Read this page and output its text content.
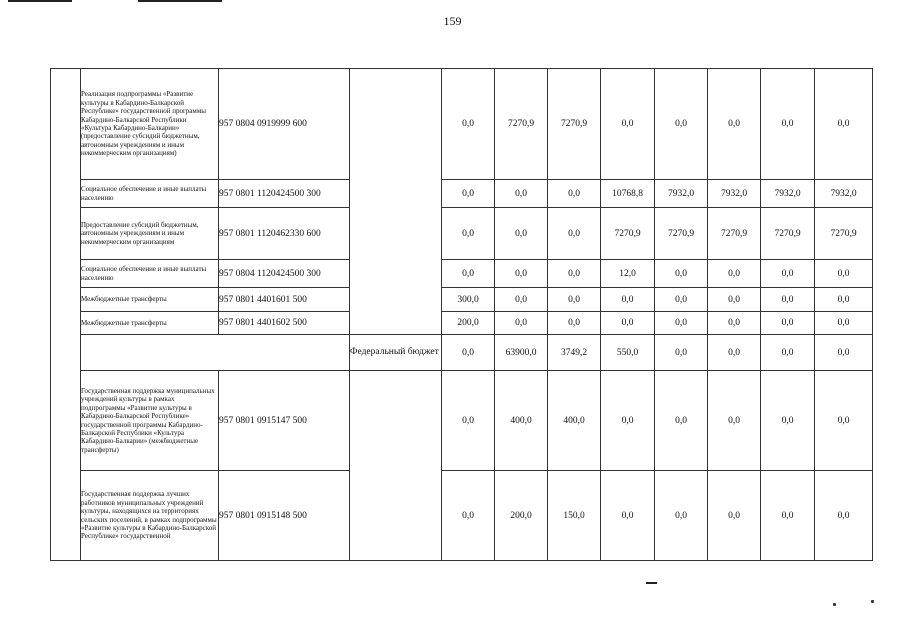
159
	Реализация подпрограммы «Развитие культуры в Кабардино-Балкарской Республике» государственной программы Кабардино-Балкарской Республики «Культура Кабардино-Балкарии» (предоставление субсидий бюджетным, автономным учреждениям и иным некоммерческим организациям)	957 0804 0919999 600		0,0	7270,9	7270,9	0,0	0,0	0,0	0,0	0,0
	Социальное обеспечение и иные выплаты населению	957 0801 1120424500 300		0,0	0,0	0,0	10768,8	7932,0	7932,0	7932,0	7932,0
	Предоставление субсидий бюджетным, автономным учреждениям и иным некоммерческим организациям	957 0801 1120462330 600		0,0	0,0	0,0	7270,9	7270,9	7270,9	7270,9	7270,9
	Социальное обеспечение и иные выплаты населению	957 0804 1120424500 300		0,0	0,0	0,0	12,0	0,0	0,0	0,0	0,0
	Межбюджетные трансферты	957 0801 4401601 500		300,0	0,0	0,0	0,0	0,0	0,0	0,0	0,0
	Межбюджетные трансферты	957 0801 4401602 500		200,0	0,0	0,0	0,0	0,0	0,0	0,0	0,0
			Федеральный бюджет	0,0	63900,0	3749,2	550,0	0,0	0,0	0,0	0,0
	Государственная поддержка муниципальных учреждений культуры в рамках подпрограммы «Развитие культуры в Кабардино-Балкарской Республике» государственной программы Кабардино-Балкарской Республики «Культура Кабардино-Балкарии» (межбюджетные трансферты)	957 0801 0915147 500		0,0	400,0	400,0	0,0	0,0	0,0	0,0	0,0
	Государственная поддержка лучших работников муниципальных учреждений культуры, находящихся на территориях сельских поселений, в рамках подпрограммы «Развитие культуры в Кабардино-Балкарской Республике» государственной	957 0801 0915148 500		0,0	200,0	150,0	0,0	0,0	0,0	0,0	0,0
